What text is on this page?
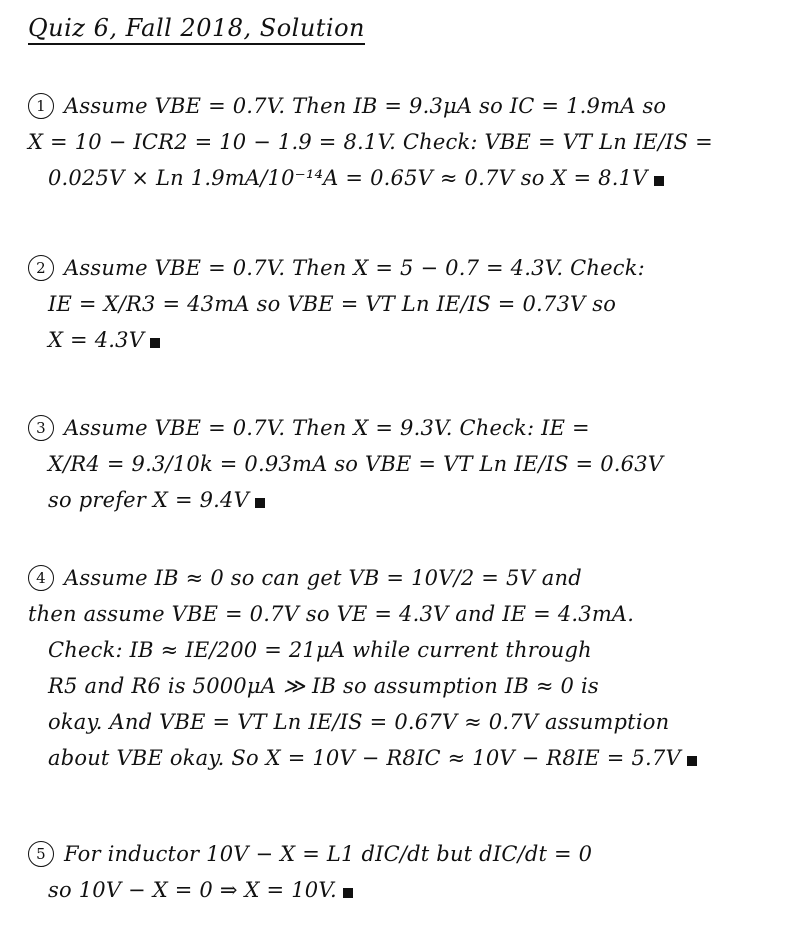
Quiz 6, Fall 2018, Solution
1 Assume VBE = 0.7V. Then IB = 9.3μA so IC = 1.9mA so
X = 10 − ICR2 = 10 − 1.9 = 8.1V. Check: VBE = VT Ln IE/IS =
0.025V × Ln 1.9mA/10⁻¹⁴A = 0.65V ≈ 0.7V so X = 8.1V
2 Assume VBE = 0.7V. Then X = 5 − 0.7 = 4.3V. Check:
IE = X/R3 = 43mA so VBE = VT Ln IE/IS = 0.73V so
X = 4.3V
3 Assume VBE = 0.7V. Then X = 9.3V. Check: IE =
X/R4 = 9.3/10k = 0.93mA so VBE = VT Ln IE/IS = 0.63V
so prefer X = 9.4V
4 Assume IB ≈ 0 so can get VB = 10V/2 = 5V and
then assume VBE = 0.7V so VE = 4.3V and IE = 4.3mA.
Check: IB ≈ IE/200 = 21μA while current through
R5 and R6 is 5000μA ≫ IB so assumption IB ≈ 0 is
okay. And VBE = VT Ln IE/IS = 0.67V ≈ 0.7V assumption
about VBE okay. So X = 10V − R8IC ≈ 10V − R8IE = 5.7V
5 For inductor 10V − X = L1 dIC/dt but dIC/dt = 0
so 10V − X = 0 ⇒ X = 10V.
